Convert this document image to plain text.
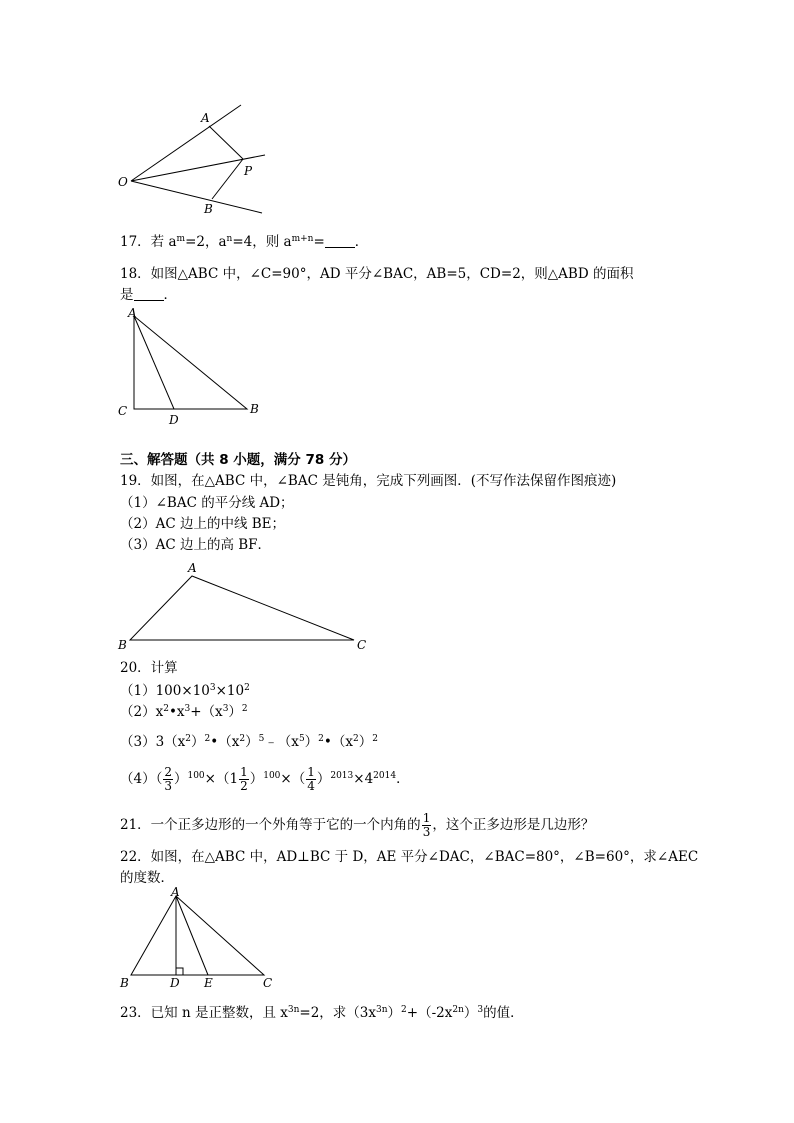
A
O
P
B
17．若 $a^m=2$，$a^n=4$，则 $a^{m+n}=$ ．
18．如图△ABC 中，∠C=90°，AD 平分∠BAC，AB=5，CD=2，则△ABD 的面积
是 ．
A
C
D
B
三、解答题（共 8 小题，满分 78 分）
19．如图，在△ABC 中，∠BAC 是钝角，完成下列画图．(不写作法保留作图痕迹)
（1）∠BAC 的平分线 AD；
（2）AC 边上的中线 BE；
（3）AC 边上的高 BF．
A
B	C
20．计算
$(1)100\times 10^3\times 10^2$
$(2)x^2•x^3+(x^3)^2$
$(3)3(x^2)^2•(x^2)^5﹣(x^5)^2•(x^2)^2$
$(4)( \frac{2}{3} )^{100}\times(1 \frac{1}{2} )^{100}\times( \frac{1}{4} )^{2013}\times 4^{2014}$．
21．一个正多边形的一个外角等于它的一个内角的 $\frac{1}{3}$ ，这个正多边形是几边形？
22．如图，在△ABC 中，AD⊥BC 于 D，AE 平分∠DAC，∠BAC=80°，∠B=60°，求∠AEC
的度数．
A
B	D E	C
23．已知 n 是正整数，且 $x^{3n}=2$，求$(3x^{3n})^2+(-2x^{2n})^3$的值．
